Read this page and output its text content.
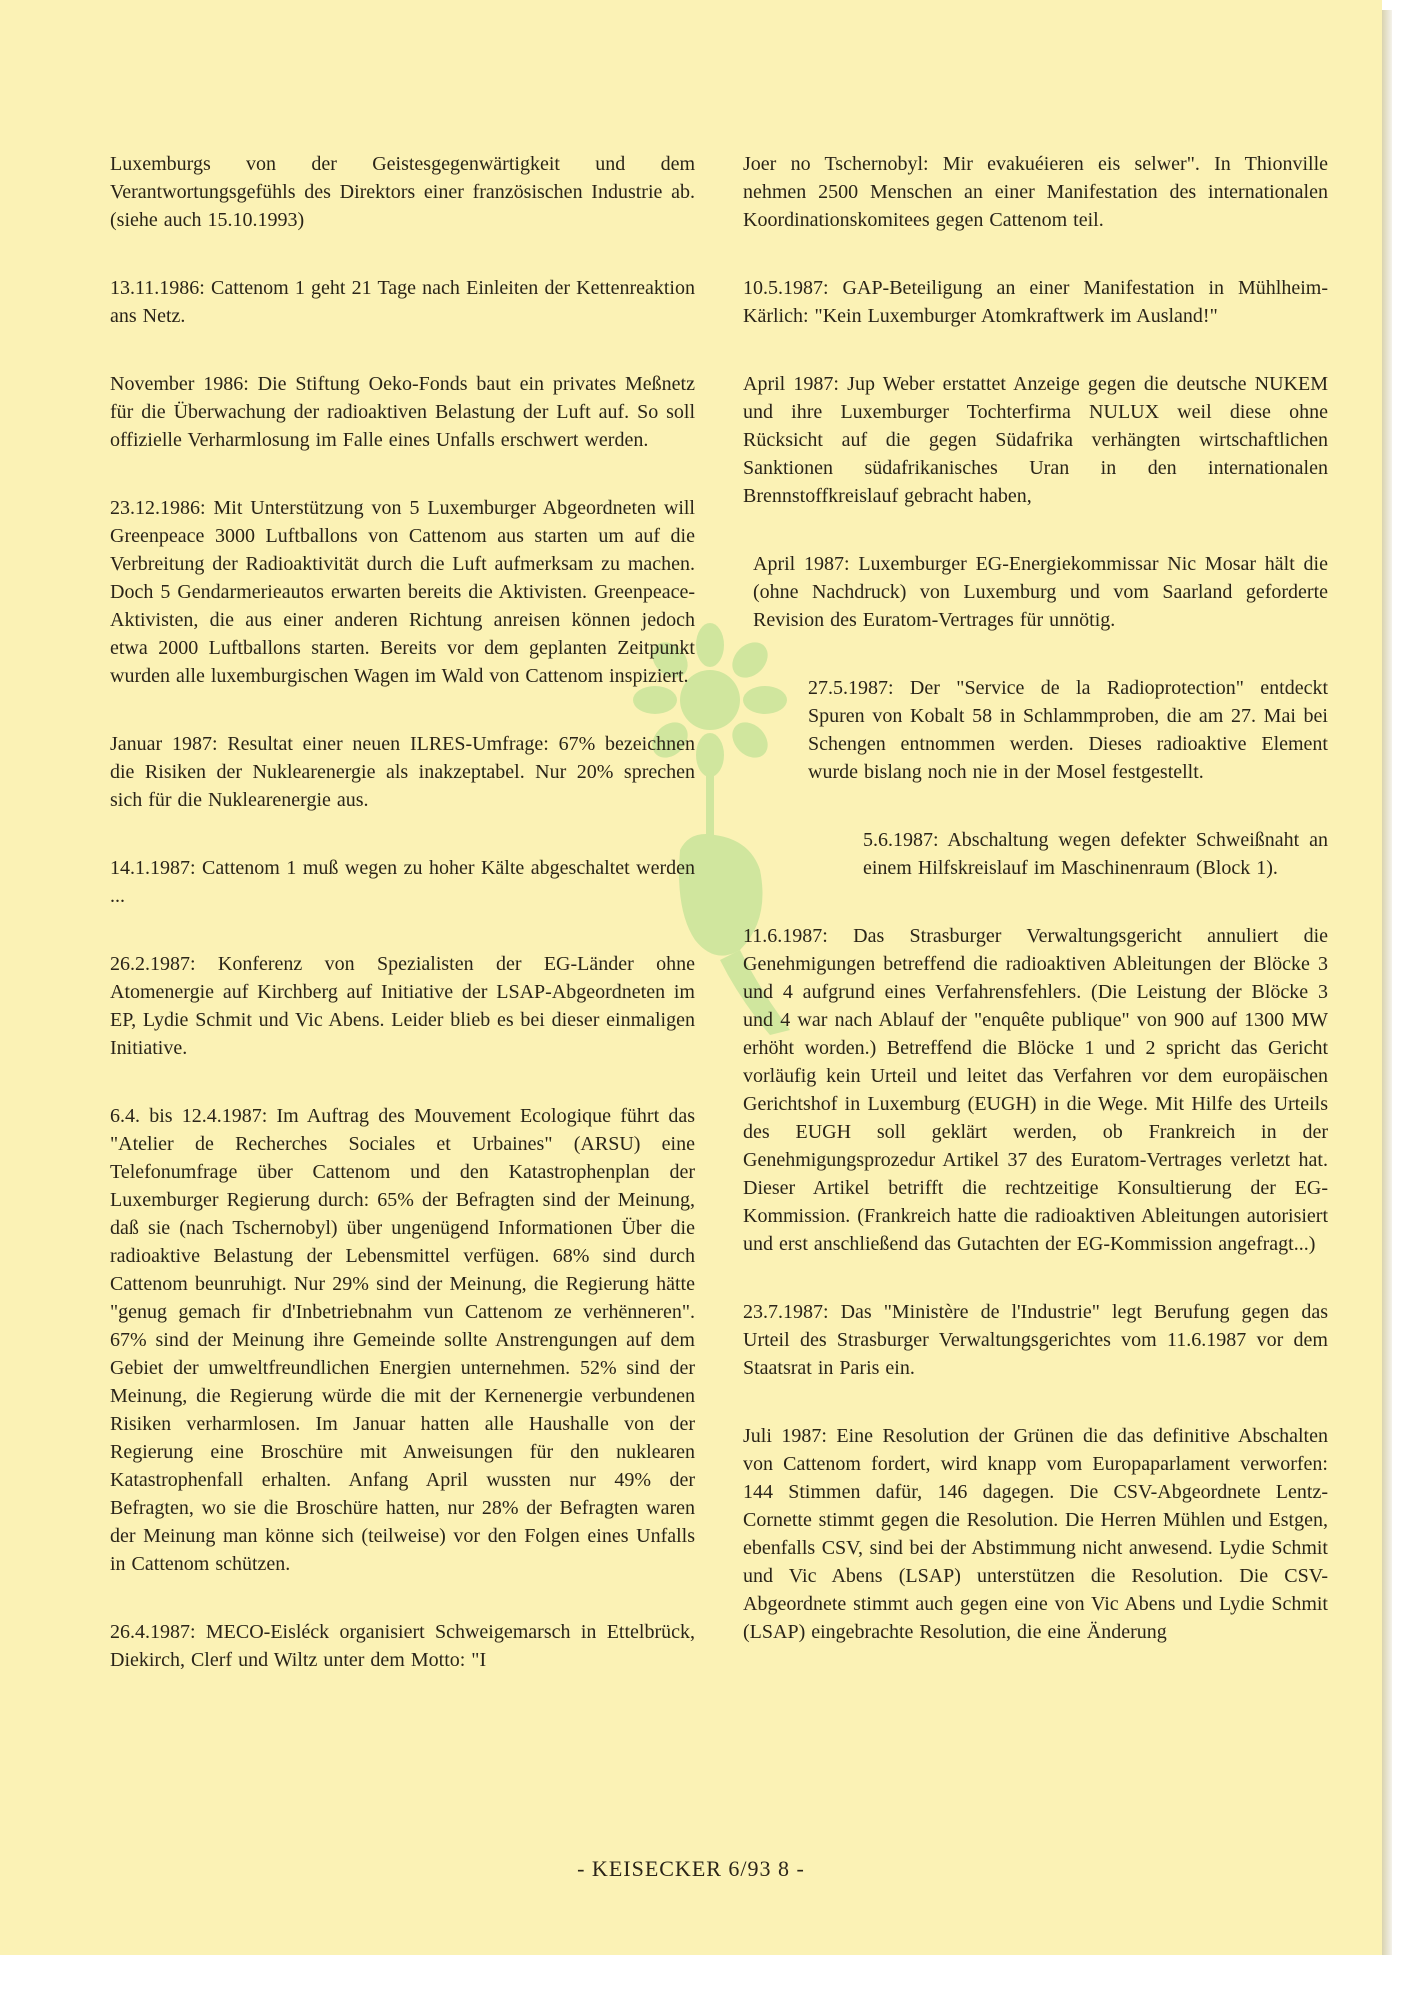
Luxemburgs von der Geistesgegenwärtigkeit und dem Verantwortungsgefühls des Direktors einer französischen Industrie ab. (siehe auch 15.10.1993)

13.11.1986: Cattenom 1 geht 21 Tage nach Einleiten der Kettenreaktion ans Netz.

November 1986: Die Stiftung Oeko-Fonds baut ein privates Meßnetz für die Überwachung der radioaktiven Belastung der Luft auf. So soll offizielle Verharmlosung im Falle eines Unfalls erschwert werden.

23.12.1986: Mit Unterstützung von 5 Luxemburger Abgeordneten will Greenpeace 3000 Luftballons von Cattenom aus starten um auf die Verbreitung der Radioaktivität durch die Luft aufmerksam zu machen. Doch 5 Gendarmerieautos erwarten bereits die Aktivisten. Greenpeace-Aktivisten, die aus einer anderen Richtung anreisen können jedoch etwa 2000 Luftballons starten. Bereits vor dem geplanten Zeitpunkt wurden alle luxemburgischen Wagen im Wald von Cattenom inspiziert.

Januar 1987: Resultat einer neuen ILRES-Umfrage: 67% bezeichnen die Risiken der Nuklearenergie als inakzeptabel. Nur 20% sprechen sich für die Nuklearenergie aus.

14.1.1987: Cattenom 1 muß wegen zu hoher Kälte abgeschaltet werden ...

26.2.1987: Konferenz von Spezialisten der EG-Länder ohne Atomenergie auf Kirchberg auf Initiative der LSAP-Abgeordneten im EP, Lydie Schmit und Vic Abens. Leider blieb es bei dieser einmaligen Initiative.

6.4. bis 12.4.1987: Im Auftrag des Mouvement Ecologique führt das "Atelier de Recherches Sociales et Urbaines" (ARSU) eine Telefonumfrage über Cattenom und den Katastrophenplan der Luxemburger Regierung durch: 65% der Befragten sind der Meinung, daß sie (nach Tschernobyl) über ungenügend Informationen Über die radioaktive Belastung der Lebensmittel verfügen. 68% sind durch Cattenom beunruhigt. Nur 29% sind der Meinung, die Regierung hätte "genug gemach fir d'Inbetriebnahm vun Cattenom ze verhënneren". 67% sind der Meinung ihre Gemeinde sollte Anstrengungen auf dem Gebiet der umweltfreundlichen Energien unternehmen. 52% sind der Meinung, die Regierung würde die mit der Kernenergie verbundenen Risiken verharmlosen. Im Januar hatten alle Haushalle von der Regierung eine Broschüre mit Anweisungen für den nuklearen Katastrophenfall erhalten. Anfang April wussten nur 49% der Befragten, wo sie die Broschüre hatten, nur 28% der Befragten waren der Meinung man könne sich (teilweise) vor den Folgen eines Unfalls in Cattenom schützen.

26.4.1987: MECO-Eisléck organisiert Schweigemarsch in Ettelbrück, Diekirch, Clerf und Wiltz unter dem Motto: "I

Joer no Tschernobyl: Mir evakuéieren eis selwer". In Thionville nehmen 2500 Menschen an einer Manifestation des internationalen Koordinationskomitees gegen Cattenom teil.

10.5.1987: GAP-Beteiligung an einer Manifestation in Mühlheim-Kärlich: "Kein Luxemburger Atomkraftwerk im Ausland!"

April 1987: Jup Weber erstattet Anzeige gegen die deutsche NUKEM und ihre Luxemburger Tochterfirma NULUX weil diese ohne Rücksicht auf die gegen Südafrika verhängten wirtschaftlichen Sanktionen südafrikanisches Uran in den internationalen Brennstoffkreislauf gebracht haben,

April 1987: Luxemburger EG-Energiekommissar Nic Mosar hält die (ohne Nachdruck) von Luxemburg und vom Saarland geforderte Revision des Euratom-Vertrages für unnötig.

27.5.1987: Der "Service de la Radioprotection" entdeckt Spuren von Kobalt 58 in Schlammproben, die am 27. Mai bei Schengen entnommen werden. Dieses radioaktive Element wurde bislang noch nie in der Mosel festgestellt.

5.6.1987: Abschaltung wegen defekter Schweißnaht an einem Hilfskreislauf im Maschinenraum (Block 1).

11.6.1987: Das Strasburger Verwaltungsgericht annuliert die Genehmigungen betreffend die radioaktiven Ableitungen der Blöcke 3 und 4 aufgrund eines Verfahrensfehlers. (Die Leistung der Blöcke 3 und 4 war nach Ablauf der "enquête publique" von 900 auf 1300 MW erhöht worden.) Betreffend die Blöcke 1 und 2 spricht das Gericht vorläufig kein Urteil und leitet das Verfahren vor dem europäischen Gerichtshof in Luxemburg (EUGH) in die Wege. Mit Hilfe des Urteils des EUGH soll geklärt werden, ob Frankreich in der Genehmigungsprozedur Artikel 37 des Euratom-Vertrages verletzt hat. Dieser Artikel betrifft die rechtzeitige Konsultierung der EG-Kommission. (Frankreich hatte die radioaktiven Ableitungen autorisiert und erst anschließend das Gutachten der EG-Kommission angefragt...)

23.7.1987: Das "Ministère de l'Industrie" legt Berufung gegen das Urteil des Strasburger Verwaltungsgerichtes vom 11.6.1987 vor dem Staatsrat in Paris ein.

Juli 1987: Eine Resolution der Grünen die das definitive Abschalten von Cattenom fordert, wird knapp vom Europaparlament verworfen: 144 Stimmen dafür, 146 dagegen. Die CSV-Abgeordnete Lentz-Cornette stimmt gegen die Resolution. Die Herren Mühlen und Estgen, ebenfalls CSV, sind bei der Abstimmung nicht anwesend. Lydie Schmit und Vic Abens (LSAP) unterstützen die Resolution. Die CSV-Abgeordnete stimmt auch gegen eine von Vic Abens und Lydie Schmit (LSAP) eingebrachte Resolution, die eine Änderung

- KEISECKER 6/93 8 -
